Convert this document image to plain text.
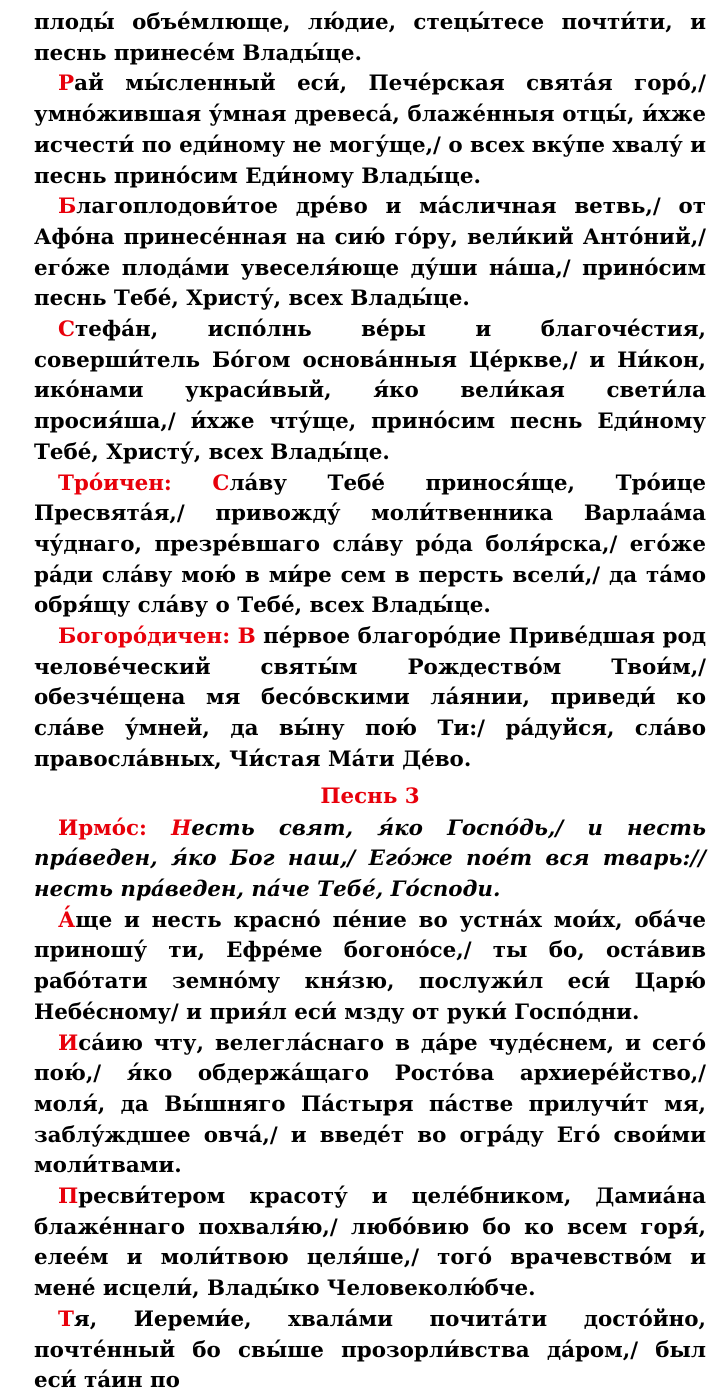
плоды́ объе́млюще, лю́дие, стецы́тесе почти́ти, и песнь принесе́м Влады́це.

Рай мы́сленный еси́, Пече́рская свята́я горо́,/ умно́жившая у́мная древеса́, блаже́нныя отцы́, и́хже исчести́ по еди́ному не могу́ще,/ о всех вку́пе хвалу́ и песнь прино́сим Еди́ному Влады́це.

Благоплодови́тое дре́во и ма́сличная ветвь,/ от Афо́на принесе́нная на сию́ го́ру, вели́кий Анто́ний,/ его́же плода́ми увеселя́юще ду́ши на́ша,/ прино́сим песнь Тебе́, Христу́, всех Влады́це.

Стефа́н, испо́лнь ве́ры и благоче́стия, соверши́тель Бо́гом основа́нныя Це́ркве,/ и Ни́кон, ико́нами украси́вый, я́ко вели́кая свети́ла просия́ша,/ и́хже чту́ще, прино́сим песнь Еди́ному Тебе́, Христу́, всех Влады́це.

Тро́ичен: Сла́ву Тебе́ принося́ще, Тро́ице Пресвята́я,/ привожду́ моли́твенника Варлаа́ма чу́днаго, презре́вшаго сла́ву ро́да боля́рска,/ его́же ра́ди сла́ву мою́ в ми́ре сем в персть всели́,/ да та́мо обря́щу сла́ву о Тебе́, всех Влады́це.

Богоро́дичен: В пе́рвое благоро́дие Приве́дшая род челове́ческий святы́м Рождество́м Твои́м,/ обезче́щена мя бесо́вскими ла́янии, приведи́ ко сла́ве у́мней, да вы́ну пою́ Ти:/ ра́дуйся, сла́во правосла́вных, Чи́стая Ма́ти Де́во.

Песнь 3

Ирмо́с: Несть свят, я́ко Госпо́дь,/ и несть пра́веден, я́ко Бог наш,/ Его́же пое́т вся тварь:// несть пра́веден, па́че Тебе́, Го́споди.

А́ще и несть красно́ пе́ние во устна́х мои́х, оба́че приношу́ ти, Ефре́ме богоно́се,/ ты бо, оста́вив рабо́тати земно́му кня́зю, послужи́л еси́ Царю́ Небе́сному/ и прия́л еси́ мзду от руки́ Госпо́дни.

Иса́ию чту, велегла́снаго в да́ре чуде́снем, и сего́ пою́,/ я́ко обдержа́щаго Росто́ва архиере́йство,/ моля́, да Вы́шняго Па́стыря па́стве прилучи́т мя, заблу́ждшее овча́,/ и введе́т во огра́ду Его́ свои́ми моли́твами.

Пресви́тером красоту́ и целе́бником, Дамиа́на блаже́ннаго похваля́ю,/ любо́вию бо ко всем горя́, елее́м и моли́твою целя́ше,/ того́ врачевство́м и мене́ исцели́, Влады́ко Человеколю́бче.

Тя, Иереми́е, хвала́ми почита́ти досто́йно, почте́нный бо свы́ше прозорли́вства да́ром,/ был еси́ та́ин по
